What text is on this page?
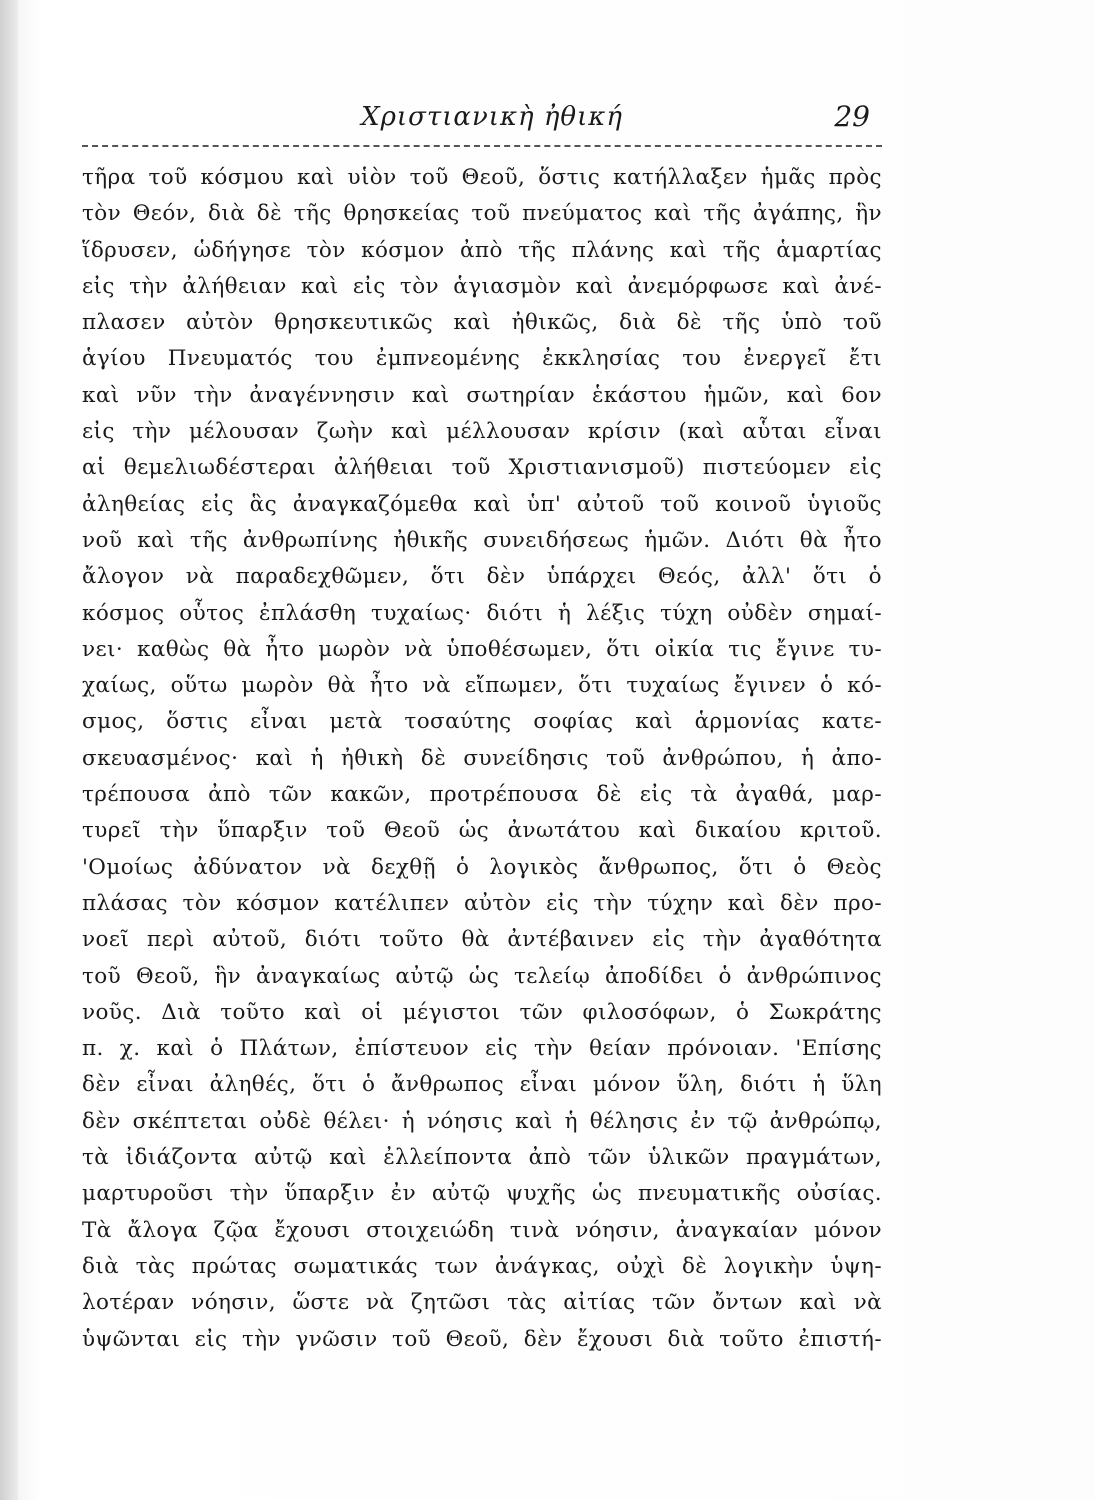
Χριστιανικὴ ἠθική	29
τῆρα τοῦ κόσμου καὶ υἱὸν τοῦ Θεοῦ, ὅστις κατήλλαξεν ἡμᾶς πρὸς
τὸν Θεόν, διὰ δὲ τῆς θρησκείας τοῦ πνεύματος καὶ τῆς ἀγάπης, ἣν
ἵδρυσεν, ὡδήγησε τὸν κόσμον ἀπὸ τῆς πλάνης καὶ τῆς ἁμαρτίας
εἰς τὴν ἀλήθειαν καὶ εἰς τὸν ἁγιασμὸν καὶ ἀνεμόρφωσε καὶ ἀνέ-
πλασεν αὐτὸν θρησκευτικῶς καὶ ἠθικῶς, διὰ δὲ τῆς ὑπὸ τοῦ
ἁγίου Πνευματός του ἐμπνεομένης ἐκκλησίας του ἐνεργεῖ ἔτι
καὶ νῦν τὴν ἀναγέννησιν καὶ σωτηρίαν ἑκάστου ἡμῶν, καὶ 6ον
εἰς τὴν μέλουσαν ζωὴν καὶ μέλλουσαν κρίσιν (καὶ αὗται εἶναι
αἱ θεμελιωδέστεραι ἀλήθειαι τοῦ Χριστιανισμοῦ) πιστεύομεν εἰς
ἀληθείας εἰς ἃς ἀναγκαζόμεθα καὶ ὑπ' αὐτοῦ τοῦ κοινοῦ ὑγιοῦς
νοῦ καὶ τῆς ἀνθρωπίνης ἠθικῆς συνειδήσεως ἡμῶν. Διότι θὰ ἦτο
ἄλογον νὰ παραδεχθῶμεν, ὅτι δὲν ὑπάρχει Θεός, ἀλλ' ὅτι ὁ
κόσμος οὗτος ἐπλάσθη τυχαίως· διότι ἡ λέξις τύχη οὐδὲν σημαί-
νει· καθὼς θὰ ἦτο μωρὸν νὰ ὑποθέσωμεν, ὅτι οἰκία τις ἔγινε τυ-
χαίως, οὕτω μωρὸν θὰ ἦτο νὰ εἴπωμεν, ὅτι τυχαίως ἔγινεν ὁ κό-
σμος, ὅστις εἶναι μετὰ τοσαύτης σοφίας καὶ ἁρμονίας κατε-
σκευασμένος· καὶ ἡ ἠθικὴ δὲ συνείδησις τοῦ ἀνθρώπου, ἡ ἀπο-
τρέπουσα ἀπὸ τῶν κακῶν, προτρέπουσα δὲ εἰς τὰ ἀγαθά, μαρ-
τυρεῖ τὴν ὕπαρξιν τοῦ Θεοῦ ὡς ἀνωτάτου καὶ δικαίου κριτοῦ.
'Ομοίως ἀδύνατον νὰ δεχθῇ ὁ λογικὸς ἄνθρωπος, ὅτι ὁ Θεὸς
πλάσας τὸν κόσμον κατέλιπεν αὐτὸν εἰς τὴν τύχην καὶ δὲν προ-
νοεῖ περὶ αὐτοῦ, διότι τοῦτο θὰ ἀντέβαινεν εἰς τὴν ἀγαθότητα
τοῦ Θεοῦ, ἣν ἀναγκαίως αὐτῷ ὡς τελείῳ ἀποδίδει ὁ ἀνθρώπινος
νοῦς. Διὰ τοῦτο καὶ οἱ μέγιστοι τῶν φιλοσόφων, ὁ Σωκράτης
π. χ. καὶ ὁ Πλάτων, ἐπίστευον εἰς τὴν θείαν πρόνοιαν. 'Επίσης
δὲν εἶναι ἀληθές, ὅτι ὁ ἄνθρωπος εἶναι μόνον ὕλη, διότι ἡ ὕλη
δὲν σκέπτεται οὐδὲ θέλει· ἡ νόησις καὶ ἡ θέλησις ἐν τῷ ἀνθρώπῳ,
τὰ ἰδιάζοντα αὐτῷ καὶ ἐλλείποντα ἀπὸ τῶν ὑλικῶν πραγμάτων,
μαρτυροῦσι τὴν ὕπαρξιν ἐν αὐτῷ ψυχῆς ὡς πνευματικῆς οὐσίας.
Τὰ ἄλογα ζῷα ἔχουσι στοιχειώδη τινὰ νόησιν, ἀναγκαίαν μόνον
διὰ τὰς πρώτας σωματικάς των ἀνάγκας, οὐχὶ δὲ λογικὴν ὑψη-
λοτέραν νόησιν, ὥστε νὰ ζητῶσι τὰς αἰτίας τῶν ὄντων καὶ νὰ
ὑψῶνται εἰς τὴν γνῶσιν τοῦ Θεοῦ, δὲν ἔχουσι διὰ τοῦτο ἐπιστή-
